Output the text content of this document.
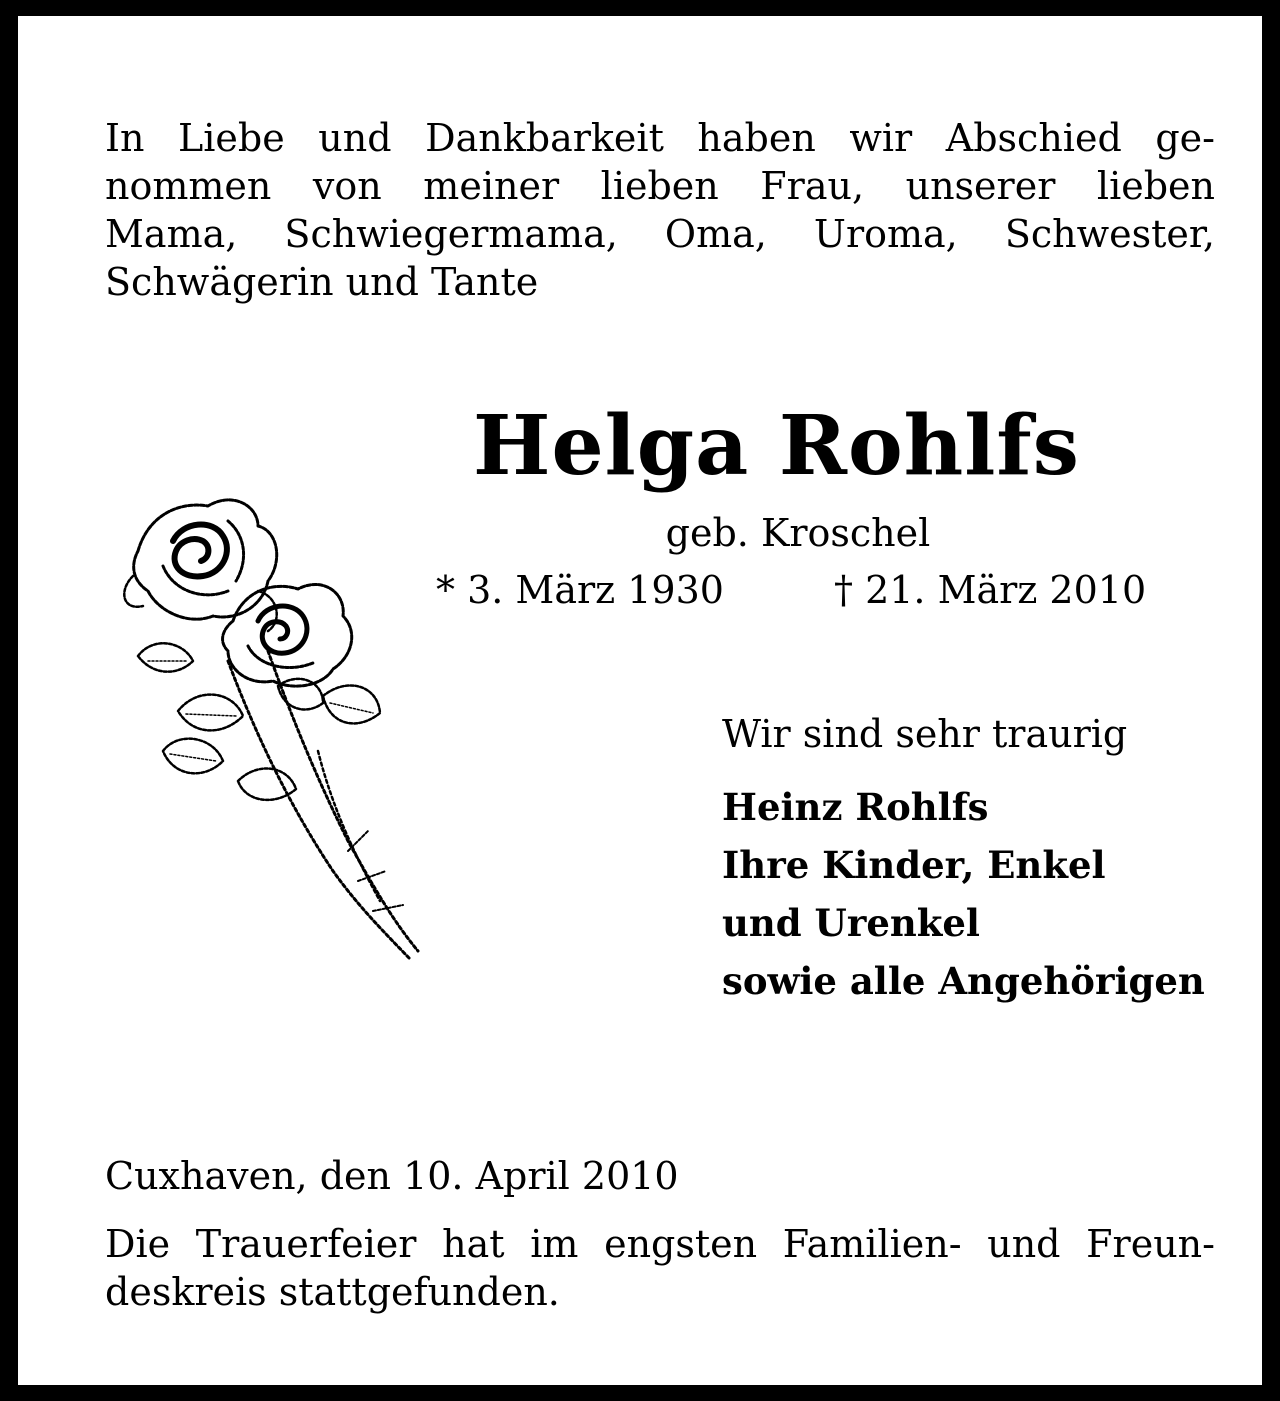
In Liebe und Dankbarkeit haben wir Abschied ge-
nommen von meiner lieben Frau, unserer lieben
Mama, Schwiegermama, Oma, Uroma, Schwester,
Schwägerin und Tante
Helga Rohlfs
geb. Kroschel
* 3. März 1930	† 21. März 2010
Wir sind sehr traurig
Heinz Rohlfs
Ihre Kinder, Enkel
und Urenkel
sowie alle Angehörigen
Cuxhaven, den 10. April 2010
Die Trauerfeier hat im engsten Familien- und Freun-
deskreis stattgefunden.
